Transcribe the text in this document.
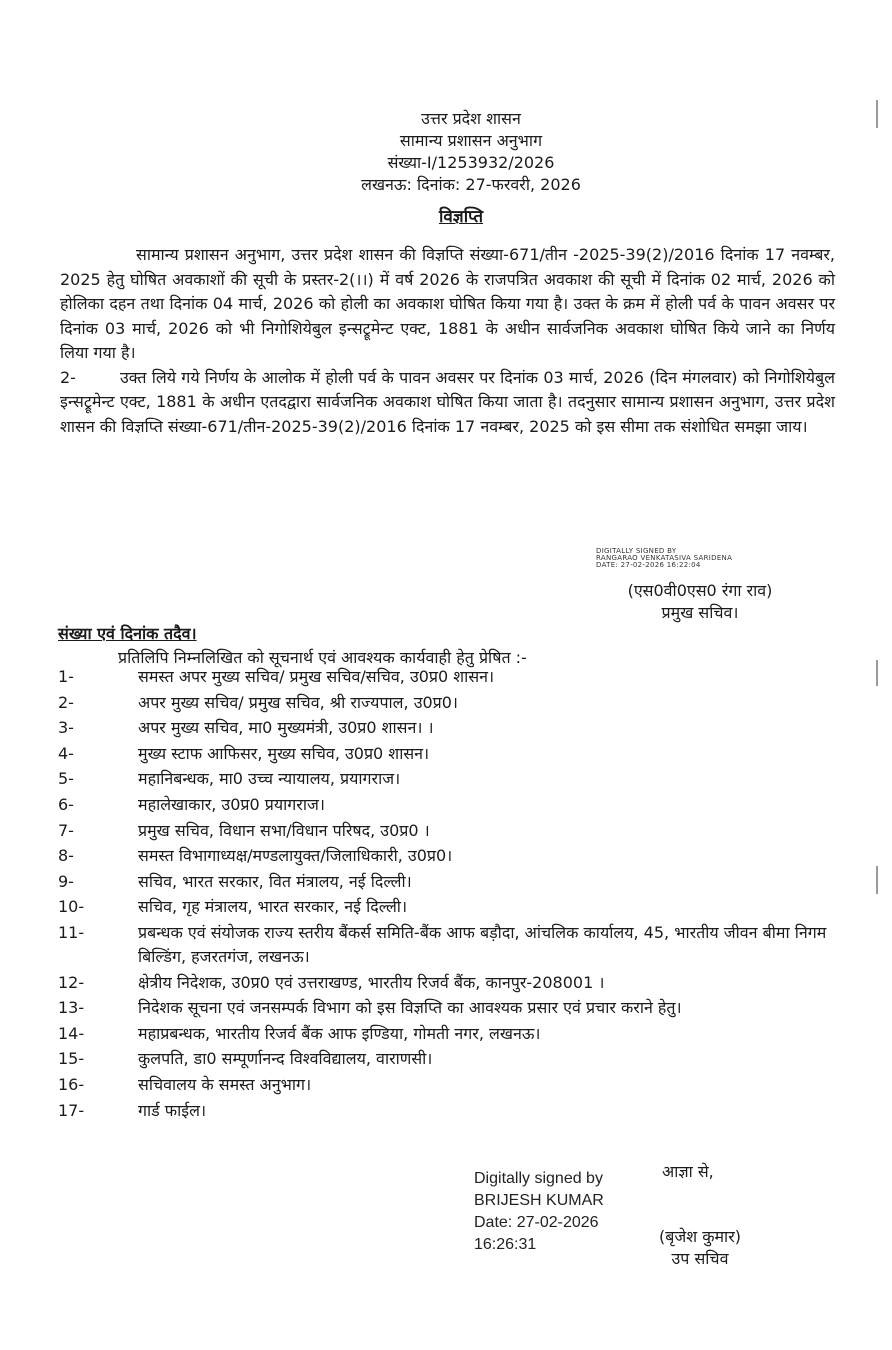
उत्तर प्रदेश शासन
सामान्य प्रशासन अनुभाग
संख्या-I/1253932/2026
लखनऊ: दिनांक: 27-फरवरी, 2026
विज्ञप्ति

सामान्य प्रशासन अनुभाग, उत्तर प्रदेश शासन की विज्ञप्ति संख्या-671/तीन -2025-39(2)/2016 दिनांक 17 नवम्बर, 2025 हेतु घोषित अवकाशों की सूची के प्रस्तर-2(।।) में वर्ष 2026 के राजपत्रित अवकाश की सूची में दिनांक 02 मार्च, 2026 को होलिका दहन तथा दिनांक 04 मार्च, 2026 को होली का अवकाश घोषित किया गया है। उक्त के क्रम में होली पर्व के पावन अवसर पर दिनांक 03 मार्च, 2026 को भी निगोशियेबुल इन्सट्रूमेन्ट एक्ट, 1881 के अधीन सार्वजनिक अवकाश घोषित किये जाने का निर्णय लिया गया है।

2-	उक्त लिये गये निर्णय के आलोक में होली पर्व के पावन अवसर पर दिनांक 03 मार्च, 2026 (दिन मंगलवार) को निगोशियेबुल इन्सट्रूमेन्ट एक्ट, 1881 के अधीन एतदद्वारा सार्वजनिक अवकाश घोषित किया जाता है। तदनुसार सामान्य प्रशासन अनुभाग, उत्तर प्रदेश शासन की विज्ञप्ति संख्या-671/तीन-2025-39(2)/2016 दिनांक 17 नवम्बर, 2025 को इस सीमा तक संशोधित समझा जाय।

DIGITALLY SIGNED BY
RANGARAO VENKATASIVA SARIDENA
DATE: 27-02-2026 16:22:04
(एस0वी0एस0 रंगा राव)
प्रमुख सचिव।
संख्या एवं दिनांक तदैव।
प्रतिलिपि निम्नलिखित को सूचनार्थ एवं आवश्यक कार्यवाही हेतु प्रेषित :-
1-	समस्त अपर मुख्य सचिव/ प्रमुख सचिव/सचिव, उ0प्र0 शासन।
2-	अपर मुख्य सचिव/ प्रमुख सचिव, श्री राज्यपाल, उ0प्र0।
3-	अपर मुख्य सचिव, मा0 मुख्यमंत्री, उ0प्र0 शासन। ।
4-	मुख्य स्टाफ आफिसर, मुख्य सचिव, उ0प्र0 शासन।
5-	महानिबन्धक, मा0 उच्च न्यायालय, प्रयागराज।
6-	महालेखाकार, उ0प्र0 प्रयागराज।
7-	प्रमुख सचिव, विधान सभा/विधान परिषद, उ0प्र0 ।
8-	समस्त विभागाध्यक्ष/मण्डलायुक्त/जिलाधिकारी, उ0प्र0।
9-	सचिव, भारत सरकार, वित मंत्रालय, नई दिल्ली।
10-	सचिव, गृह मंत्रालय, भारत सरकार, नई दिल्ली।
11-	प्रबन्धक एवं संयोजक राज्य स्तरीय बैंकर्स समिति-बैंक आफ बड़ौदा, आंचलिक कार्यालय, 45, भारतीय जीवन बीमा निगम बिल्डिंग, हजरतगंज, लखनऊ।
12-	क्षेत्रीय निदेशक, उ0प्र0 एवं उत्तराखण्ड, भारतीय रिजर्व बैंक, कानपुर-208001 ।
13-	निदेशक सूचना एवं जनसम्पर्क विभाग को इस विज्ञप्ति का आवश्यक प्रसार एवं प्रचार कराने हेतु।
14-	महाप्रबन्धक, भारतीय रिजर्व बैंक आफ इण्डिया, गोमती नगर, लखनऊ।
15-	कुलपति, डा0 सम्पूर्णानन्द विश्वविद्यालय, वाराणसी।
16-	सचिवालय के समस्त अनुभाग।
17-	गार्ड फाईल।
Digitally signed by
BRIJESH KUMAR
Date: 27-02-2026
16:26:31
आज्ञा से,
(बृजेश कुमार)
उप सचिव
